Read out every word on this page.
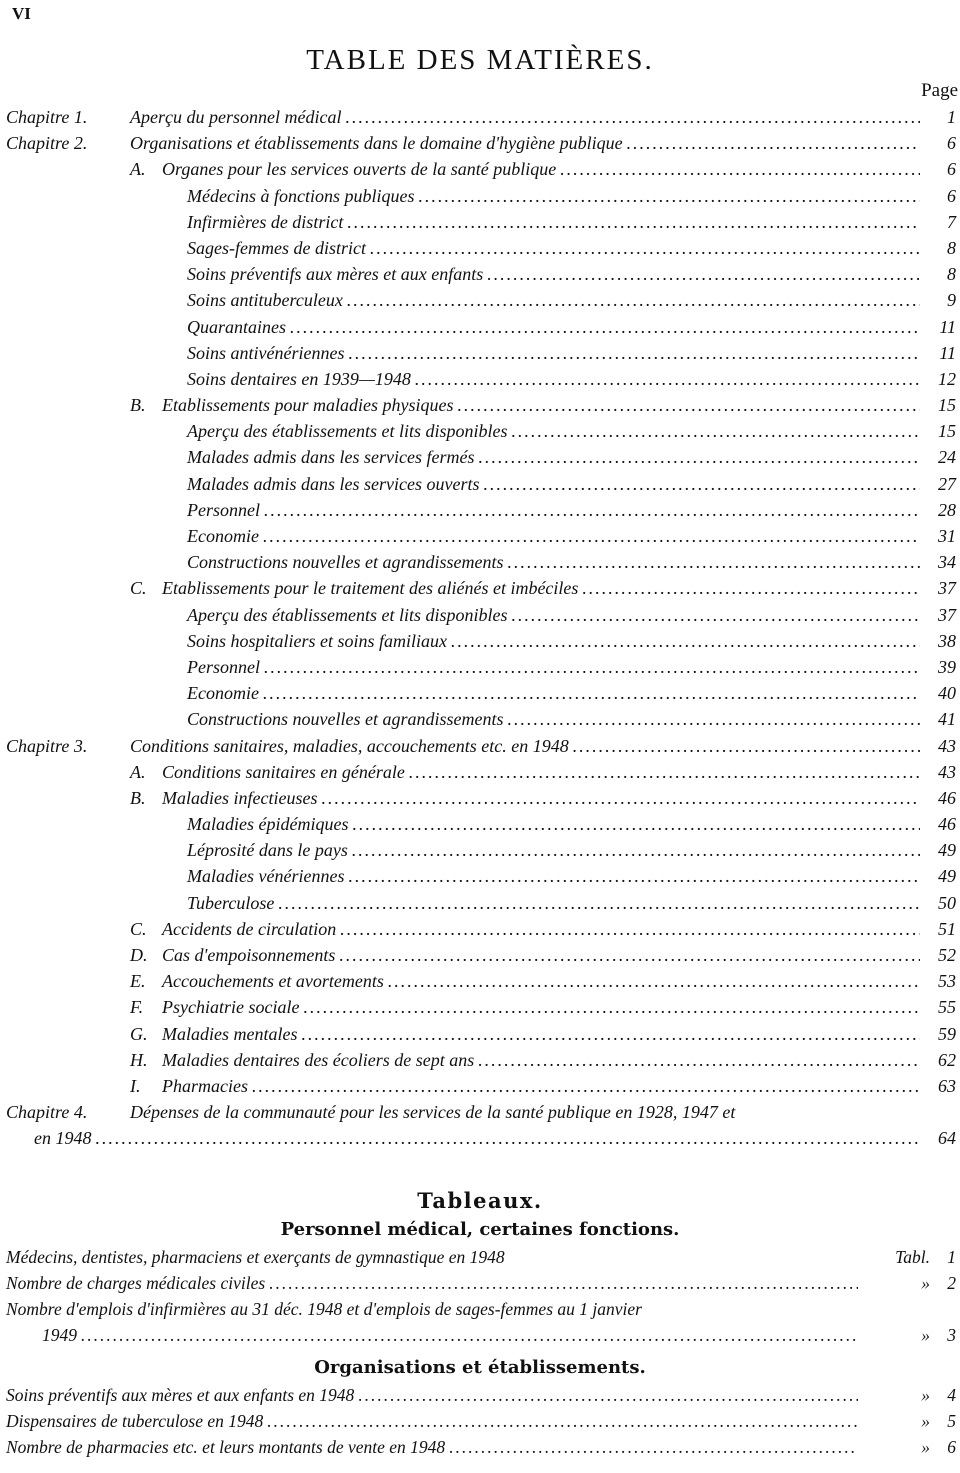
VI
TABLE DES MATIÈRES.
Page
Chapitre 1. Aperçu du personnel médical .....	1
Chapitre 2. Organisations et établissements dans le domaine d'hygiène publique .....	6
A. Organes pour les services ouverts de la santé publique .....	6
Médecins à fonctions publiques .....	6
Infirmières de district .....	7
Sages-femmes de district .....	8
Soins préventifs aux mères et aux enfants .....	8
Soins antituberculeux .....	9
Quarantaines .....	11
Soins antivénériennes .....	11
Soins dentaires en 1939—1948 .....	12
B. Etablissements pour maladies physiques .....	15
Aperçu des établissements et lits disponibles .....	15
Malades admis dans les services fermés .....	24
Malades admis dans les services ouverts .....	27
Personnel .....	28
Economie .....	31
Constructions nouvelles et agrandissements .....	34
C. Etablissements pour le traitement des aliénés et imbéciles .....	37
Aperçu des établissements et lits disponibles .....	37
Soins hospitaliers et soins familiaux .....	38
Personnel .....	39
Economie .....	40
Constructions nouvelles et agrandissements .....	41
Chapitre 3. Conditions sanitaires, maladies, accouchements etc. en 1948 .....	43
A. Conditions sanitaires en générale .....	43
B. Maladies infectieuses .....	46
Maladies épidémiques .....	46
Léprosité dans le pays .....	49
Maladies vénériennes .....	49
Tuberculose .....	50
C. Accidents de circulation .....	51
D. Cas d'empoisonnements .....	52
E. Accouchements et avortements .....	53
F. Psychiatrie sociale .....	55
G. Maladies mentales .....	59
H. Maladies dentaires des écoliers de sept ans .....	62
I. Pharmacies .....	63
Chapitre 4. Dépenses de la communauté pour les services de la santé publique en 1928, 1947 et
en 1948 .....	64
Tableaux.
Personnel médical, certaines fonctions.
Médecins, dentistes, pharmaciens et exerçants de gymnastique en 1948	Tabl. 1
Nombre de charges médicales civiles .....	» 2
Nombre d'emplois d'infirmières au 31 déc. 1948 et d'emplois de sages-femmes au 1 janvier
1949 .....	» 3
Organisations et établissements.
Soins préventifs aux mères et aux enfants en 1948 .....	» 4
Dispensaires de tuberculose en 1948 .....	» 5
Nombre de pharmacies etc. et leurs montants de vente en 1948 .....	» 6
